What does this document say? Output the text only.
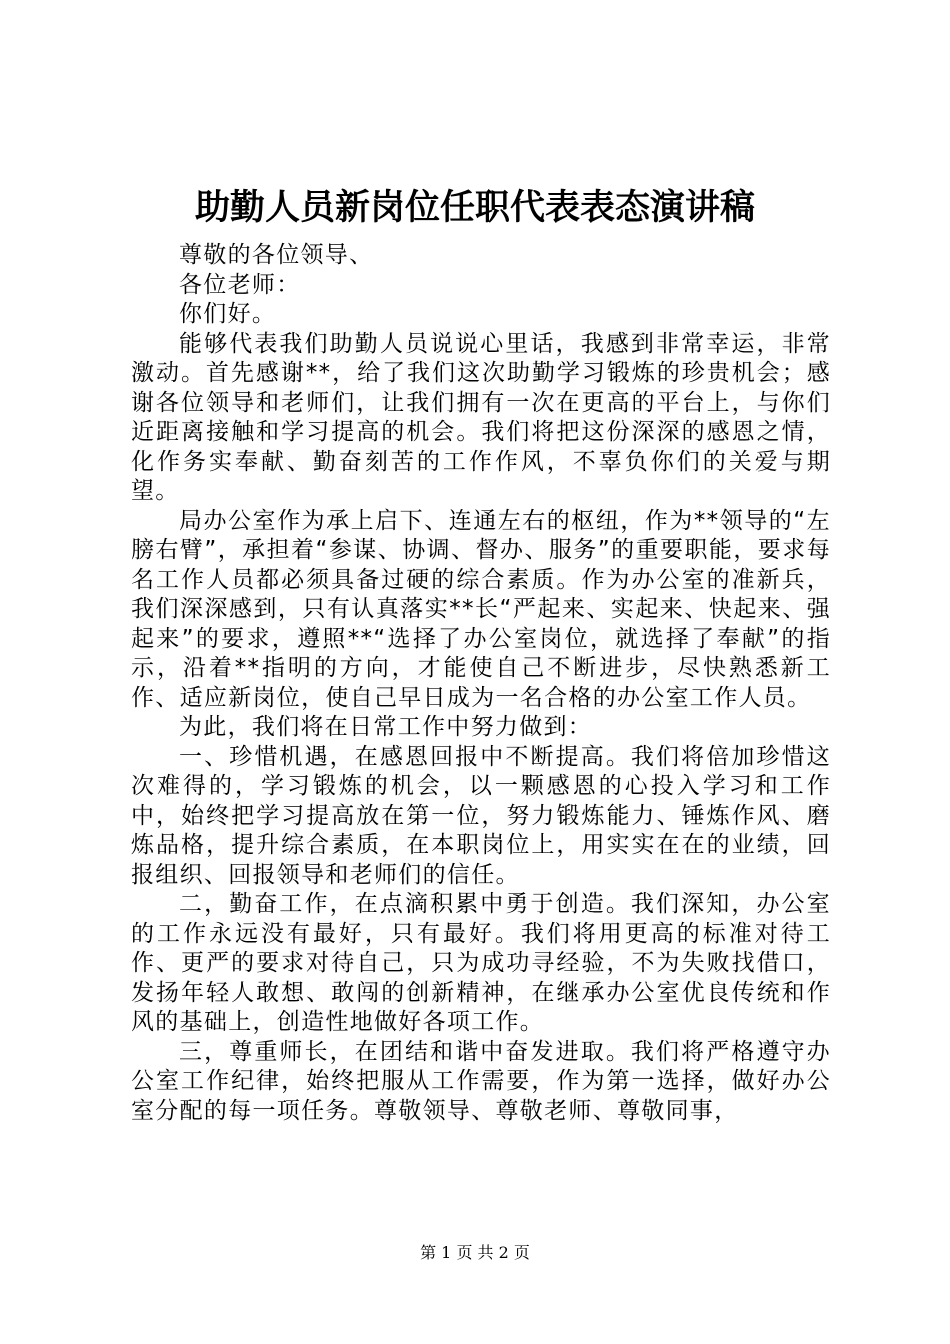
助勤人员新岗位任职代表表态演讲稿

尊敬的各位领导、

各位老师：

你们好。

能够代表我们助勤人员说说心里话，我感到非常幸运，非常激动。首先感谢**，给了我们这次助勤学习锻炼的珍贵机会；感谢各位领导和老师们，让我们拥有一次在更高的平台上，与你们近距离接触和学习提高的机会。我们将把这份深深的感恩之情，化作务实奉献、勤奋刻苦的工作作风，不辜负你们的关爱与期望。

局办公室作为承上启下、连通左右的枢纽，作为**领导的“左膀右臂”，承担着“参谋、协调、督办、服务”的重要职能，要求每名工作人员都必须具备过硬的综合素质。作为办公室的准新兵，我们深深感到，只有认真落实**长“严起来、实起来、快起来、强起来”的要求，遵照**“选择了办公室岗位，就选择了奉献”的指示，沿着**指明的方向，才能使自己不断进步，尽快熟悉新工作、适应新岗位，使自己早日成为一名合格的办公室工作人员。

为此，我们将在日常工作中努力做到：

一、珍惜机遇，在感恩回报中不断提高。我们将倍加珍惜这次难得的，学习锻炼的机会，以一颗感恩的心投入学习和工作中，始终把学习提高放在第一位，努力锻炼能力、锤炼作风、磨炼品格，提升综合素质，在本职岗位上，用实实在在的业绩，回报组织、回报领导和老师们的信任。

二，勤奋工作，在点滴积累中勇于创造。我们深知，办公室的工作永远没有最好，只有最好。我们将用更高的标准对待工作、更严的要求对待自己，只为成功寻经验，不为失败找借口，发扬年轻人敢想、敢闯的创新精神，在继承办公室优良传统和作风的基础上，创造性地做好各项工作。

三，尊重师长，在团结和谐中奋发进取。我们将严格遵守办公室工作纪律，始终把服从工作需要，作为第一选择，做好办公室分配的每一项任务。尊敬领导、尊敬老师、尊敬同事，

第 1 页 共 2 页
